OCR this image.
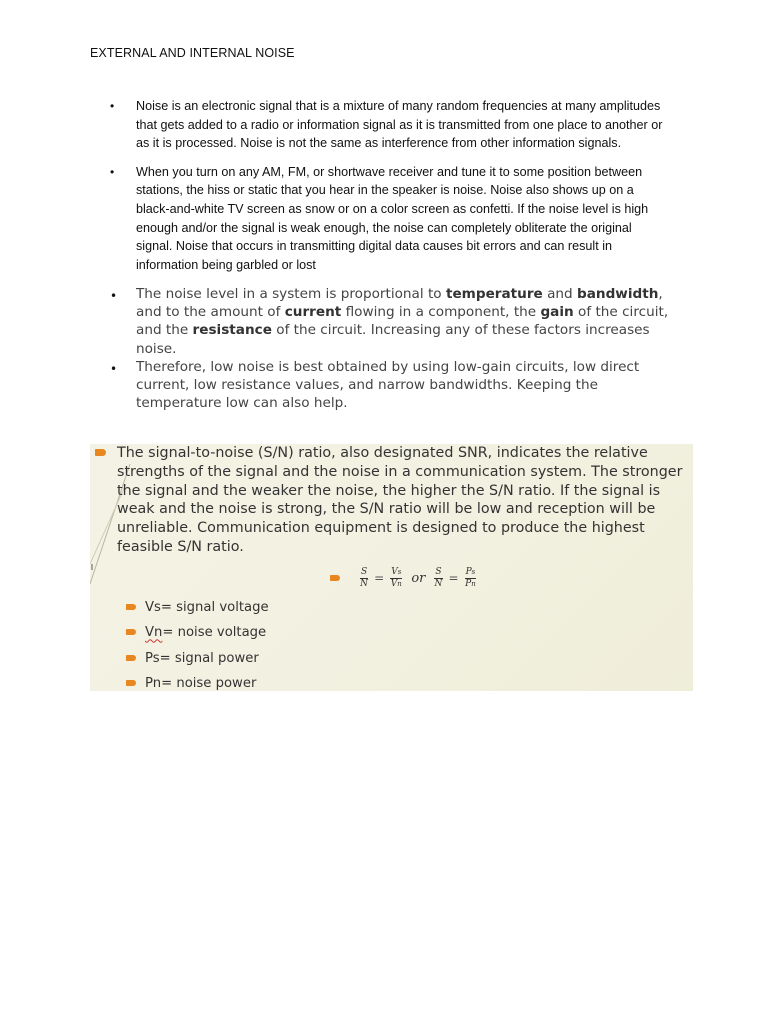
EXTERNAL AND INTERNAL NOISE
• Noise is an electronic signal that is a mixture of many random frequencies at many amplitudes that gets added to a radio or information signal as it is transmitted from one place to another or as it is processed. Noise is not the same as interference from other information signals.
• When you turn on any AM, FM, or shortwave receiver and tune it to some position between stations, the hiss or static that you hear in the speaker is noise. Noise also shows up on a black-and-white TV screen as snow or on a color screen as confetti. If the noise level is high enough and/or the signal is weak enough, the noise can completely obliterate the original signal. Noise that occurs in transmitting digital data causes bit errors and can result in information being garbled or lost
• The noise level in a system is proportional to temperature and bandwidth, and to the amount of current flowing in a component, the gain of the circuit, and the resistance of the circuit. Increasing any of these factors increases noise.
• Therefore, low noise is best obtained by using low-gain circuits, low direct current, low resistance values, and narrow bandwidths. Keeping the temperature low can also help.
The signal-to-noise (S/N) ratio, also designated SNR, indicates the relative strengths of the signal and the noise in a communication system. The stronger the signal and the weaker the noise, the higher the S/N ratio. If the signal is weak and the noise is strong, the S/N ratio will be low and reception will be unreliable. Communication equipment is designed to produce the highest feasible S/N ratio.
$\frac{S}{N} = \frac{Vs}{Vn}$ or $\frac{S}{N} = \frac{Ps}{Pn}$
Vs= signal voltage
Vn= noise voltage
Ps= signal power
Pn= noise power
